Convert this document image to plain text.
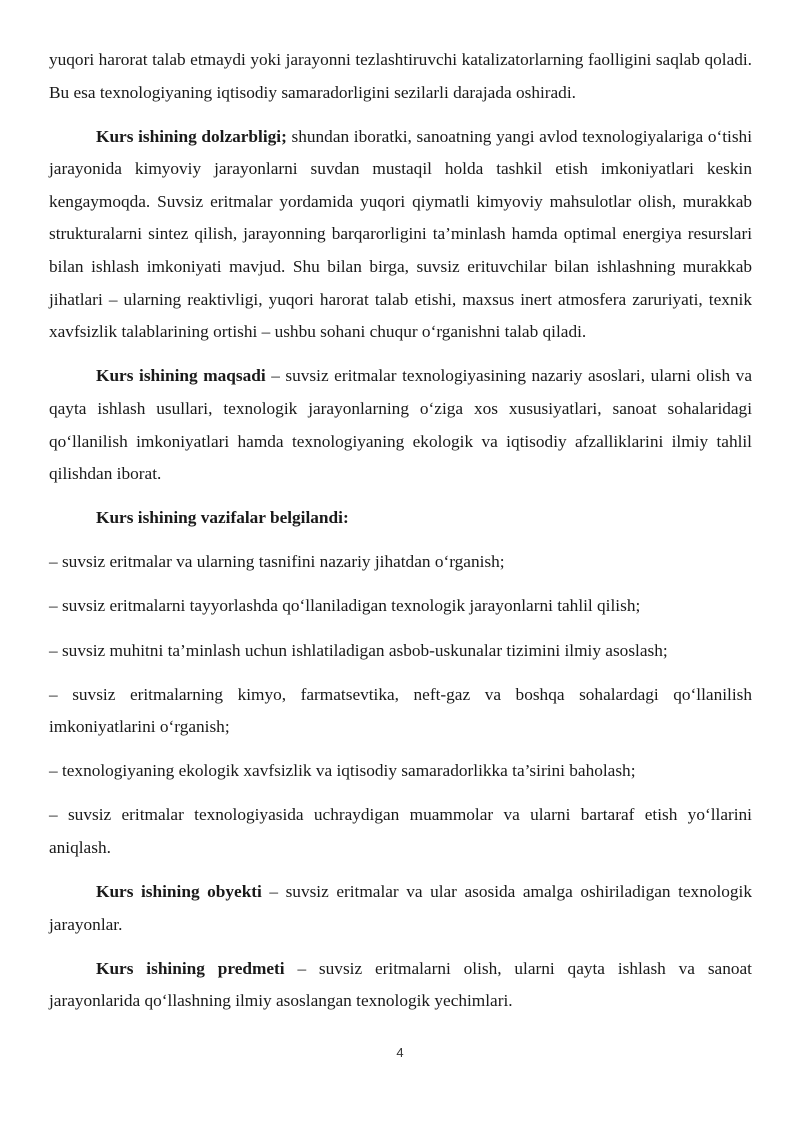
yuqori harorat talab etmaydi yoki jarayonni tezlashtiruvchi katalizatorlarning faolligini saqlab qoladi. Bu esa texnologiyaning iqtisodiy samaradorligini sezilarli darajada oshiradi.

Kurs ishining dolzarbligi; shundan iboratki, sanoatning yangi avlod texnologiyalariga o‘tishi jarayonida kimyoviy jarayonlarni suvdan mustaqil holda tashkil etish imkoniyatlari keskin kengaymoqda. Suvsiz eritmalar yordamida yuqori qiymatli kimyoviy mahsulotlar olish, murakkab strukturalarni sintez qilish, jarayonning barqarorligini ta’minlash hamda optimal energiya resurslari bilan ishlash imkoniyati mavjud. Shu bilan birga, suvsiz erituvchilar bilan ishlashning murakkab jihatlari – ularning reaktivligi, yuqori harorat talab etishi, maxsus inert atmosfera zaruriyati, texnik xavfsizlik talablarining ortishi – ushbu sohani chuqur o‘rganishni talab qiladi.

Kurs ishining maqsadi – suvsiz eritmalar texnologiyasining nazariy asoslari, ularni olish va qayta ishlash usullari, texnologik jarayonlarning o‘ziga xos xususiyatlari, sanoat sohalaridagi qo‘llanilish imkoniyatlari hamda texnologiyaning ekologik va iqtisodiy afzalliklarini ilmiy tahlil qilishdan iborat.

Kurs ishining vazifalar belgilandi:

– suvsiz eritmalar va ularning tasnifini nazariy jihatdan o‘rganish;

– suvsiz eritmalarni tayyorlashda qo‘llaniladigan texnologik jarayonlarni tahlil qilish;

– suvsiz muhitni ta’minlash uchun ishlatiladigan asbob-uskunalar tizimini ilmiy asoslash;

– suvsiz eritmalarning kimyo, farmatsevtika, neft-gaz va boshqa sohalardagi qo‘llanilish imkoniyatlarini o‘rganish;

– texnologiyaning ekologik xavfsizlik va iqtisodiy samaradorlikka ta’sirini baholash;

– suvsiz eritmalar texnologiyasida uchraydigan muammolar va ularni bartaraf etish yo‘llarini aniqlash.

Kurs ishining obyekti – suvsiz eritmalar va ular asosida amalga oshiriladigan texnologik jarayonlar.

Kurs ishining predmeti – suvsiz eritmalarni olish, ularni qayta ishlash va sanoat jarayonlarida qo‘llashning ilmiy asoslangan texnologik yechimlari.

4
